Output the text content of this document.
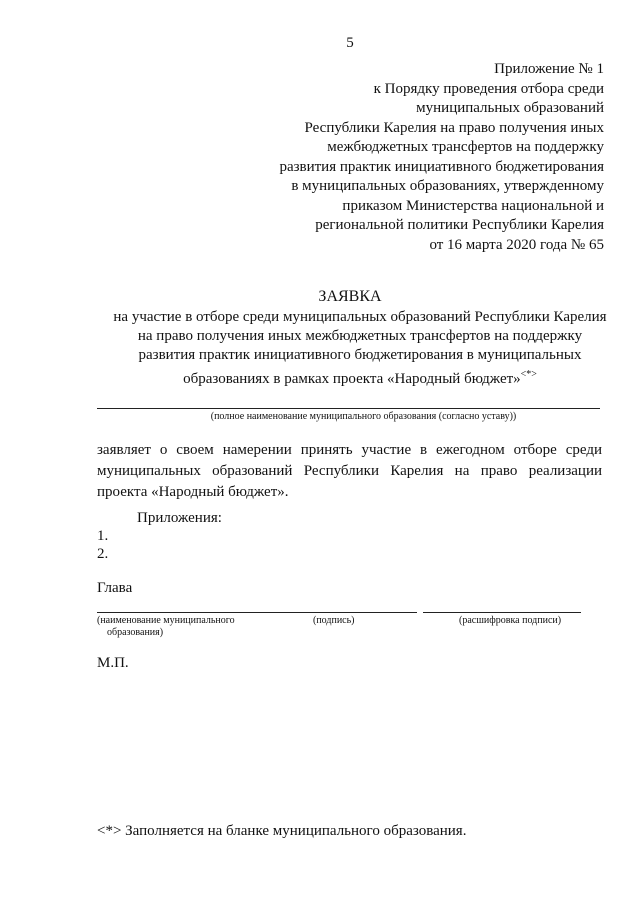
5
Приложение № 1
к Порядку проведения отбора среди
муниципальных образований
Республики Карелия на право получения иных
межбюджетных трансфертов на поддержку
развития практик инициативного бюджетирования
в муниципальных образованиях, утвержденному
приказом Министерства национальной и
региональной политики Республики Карелия
от 16 марта 2020 года № 65
ЗАЯВКА
на участие в отборе среди муниципальных образований Республики Карелия
на право получения иных межбюджетных трансфертов на поддержку
развития практик инициативного бюджетирования в муниципальных
образованиях в рамках проекта «Народный бюджет»<*>
(полное наименование муниципального образования (согласно уставу))
заявляет о своем намерении принять участие в ежегодном отборе среди муниципальных образований Республики Карелия на право реализации проекта «Народный бюджет».
Приложения:
1.
2.
Глава
(наименование муниципального
образования)
(подпись)	(расшифровка подписи)
М.П.
<*> Заполняется на бланке муниципального образования.
